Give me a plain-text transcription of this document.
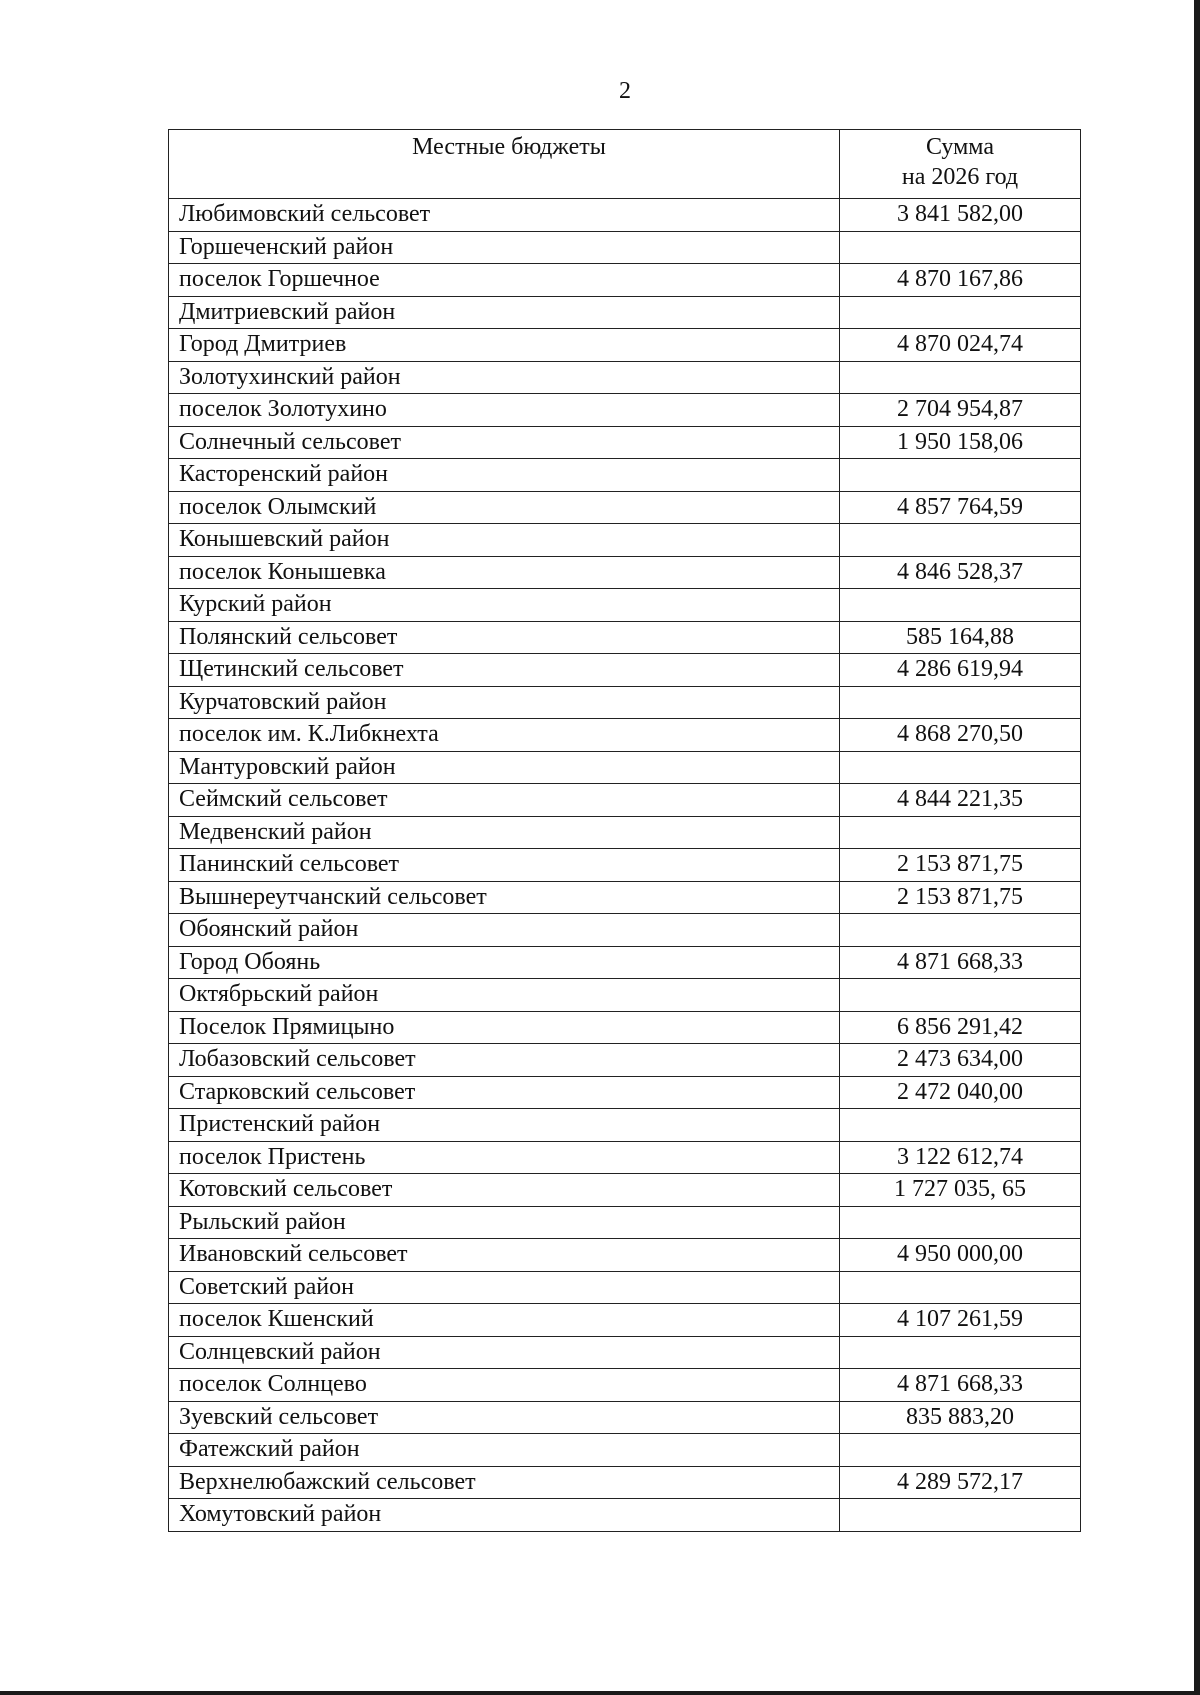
2
Местные бюджеты	Сумма
на 2026 год

Любимовский сельсовет	3 841 582,00
Горшеченский район	
поселок Горшечное	4 870 167,86
Дмитриевский район	
Город Дмитриев	4 870 024,74
Золотухинский район	
поселок Золотухино	2 704 954,87
Солнечный сельсовет	1 950 158,06
Касторенский район	
поселок Олымский	4 857 764,59
Конышевский район	
поселок Конышевка	4 846 528,37
Курский район	
Полянский сельсовет	585 164,88
Щетинский сельсовет	4 286 619,94
Курчатовский район	
поселок им. К.Либкнехта	4 868 270,50
Мантуровский район	
Сеймский сельсовет	4 844 221,35
Медвенский район	
Панинский сельсовет	2 153 871,75
Вышнереутчанский сельсовет	2 153 871,75
Обоянский район	
Город Обоянь	4 871 668,33
Октябрьский район	
Поселок Прямицыно	6 856 291,42
Лобазовский сельсовет	2 473 634,00
Старковский сельсовет	2 472 040,00
Пристенский район	
поселок Пристень	3 122 612,74
Котовский сельсовет	1 727 035, 65
Рыльский район	
Ивановский сельсовет	4 950 000,00
Советский район	
поселок Кшенский	4 107 261,59
Солнцевский район	
поселок Солнцево	4 871 668,33
Зуевский сельсовет	835 883,20
Фатежский район	
Верхнелюбажский сельсовет	4 289 572,17
Хомутовский район	
